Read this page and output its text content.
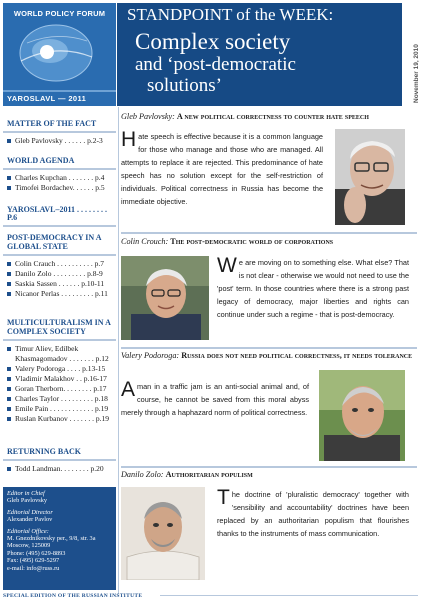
WORLD POLICY FORUM
YAROSLAVL — 2011
STANDPOINT of the WEEK:
Complex society
and ‘post-democratic
solutions’	November 19, 2010
MATTER OF THE FACT
Gleb Pavlovsky . . . . . . p.2-3
WORLD AGENDA
Charles Kupchan . . . . . . . p.4
Timofei Bordachev. . . . . . p.5
YAROSLAVL–2011 . . . . . . . . P.6
POST-DEMOCRACY IN A GLOBAL STATE
Colin Crauch . . . . . . . . . . p.7
Danilo Zolo . . . . . . . . . p.8-9
Saskia Sassen . . . . . . p.10-11
Nicanor Perlas . . . . . . . . . p.11
MULTICULTURALISM IN A COMPLEX SOCIETY
Timur Aliev, Edilbek
Khasmagomadov . . . . . . . p.12
Valery Podoroga . . . . p.13-15
Vladimir Malakhov . . p.16-17
Goran Therborn. . . . . . . . p.17
Charles Taylor . . . . . . . . . p.18
Emile Pain . . . . . . . . . . . . p.19
Ruslan Kurbanov . . . . . . . p.19
RETURNING BACK
Todd Landman. . . . . . . . p.20
Editor in Chief
Gleb Pavlovsky
Editorial Director
Alexander Pavlov
Editorial Office:
M. Gnezdnikovsky per., 9/8, str. 3a
Moscow, 125009
Phone: (495) 629-8893
Fax: (495) 629-5297
e-mail: info@russ.ru
Gleb Pavlovsky: A new political correctness to counter hate speech
Hate speech is effective because it is a common language for those who manage and those who are managed. All attempts to replace it are rejected. This predominance of hate speech has no solution except for the self-restriction of individuals. Political correctness in Russia has become the immediate objective.
Colin Crouch: The post-democratic world of corporations
We are moving on to something else. What else? That is not clear - otherwise we would not need to use the 'post' term. In those countries where there is a strong past legacy of democracy, major liberties and rights can continue under such a regime - that is post-democracy.
Valery Podoroga: Russia does not need political correctness, it needs tolerance
A man in a traffic jam is an anti-social animal and, of course, he cannot be saved from this moral abyss merely through a haphazard norm of political correctness.
Danilo Zolo: Authoritarian populism
The doctrine of 'pluralistic democracy' together with 'sensibility and accountability' doctrines have been replaced by an authoritarian populism that flourishes thanks to the instruments of mass communication.
SPECIAL EDITION OF THE RUSSIAN INSTITUTE
